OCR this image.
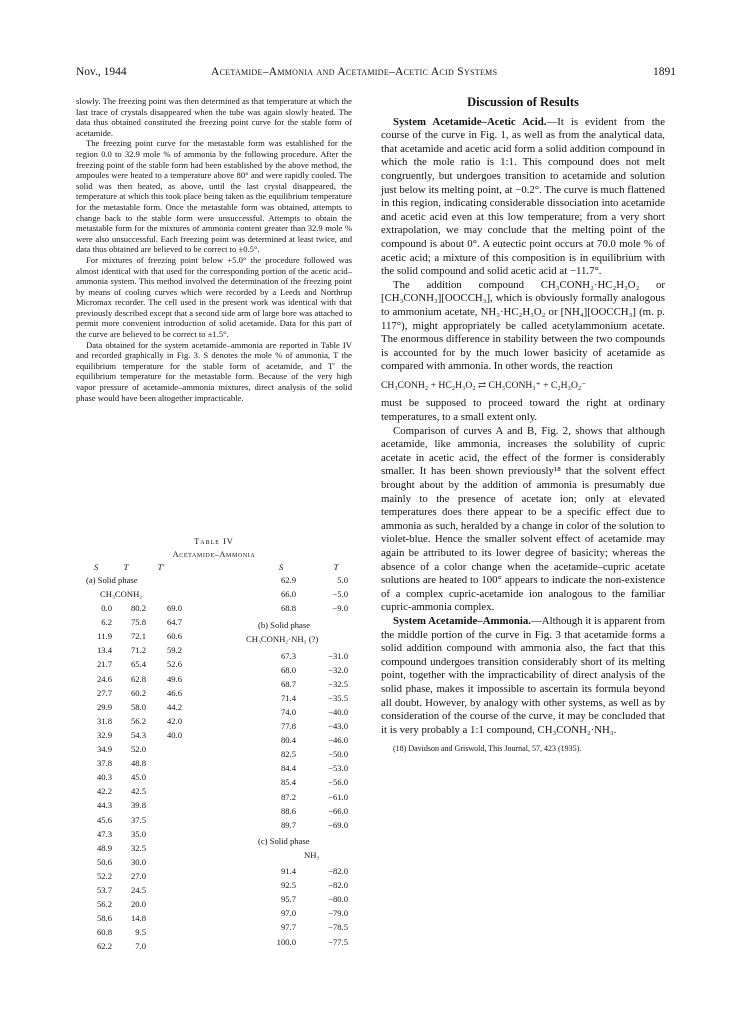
Nov., 1944	Acetamide–Ammonia and Acetamide–Acetic Acid Systems	1891

slowly. The freezing point was then determined as that temperature at which the last trace of crystals disappeared when the tube was again slowly heated. The data thus obtained constituted the freezing point curve for the stable form of acetamide.

The freezing point curve for the metastable form was established for the region 0.0 to 32.9 mole % of ammonia by the following procedure. After the freezing point of the stable form had been established by the above method, the ampoules were heated to a temperature above 80° and were rapidly cooled. The solid was then heated, as above, until the last crystal disappeared, the temperature at which this took place being taken as the equilibrium temperature for the metastable form. Once the metastable form was obtained, attempts to change back to the stable form were unsuccessful. Attempts to obtain the metastable form for the mixtures of ammonia content greater than 32.9 mole % were also unsuccessful. Each freezing point was determined at least twice, and data thus obtained are believed to be correct to ±0.5°.

For mixtures of freezing point below +5.0° the procedure followed was almost identical with that used for the corresponding portion of the acetic acid–ammonia system. This method involved the determination of the freezing point by means of cooling curves which were recorded by a Leeds and Northrup Micromax recorder. The cell used in the present work was identical with that previously described except that a second side arm of large bore was attached to permit more convenient introduction of solid acetamide. Data for this part of the curve are believed to be correct to ±1.5°.

Data obtained for the system acetamide–ammonia are reported in Table IV and recorded graphically in Fig. 3. S denotes the mole % of ammonia, T the equilibrium temperature for the stable form of acetamide, and T′ the equilibrium temperature for the metastable form. Because of the very high vapor pressure of acetamide–ammonia mixtures, direct analysis of the solid phase would have been altogether impracticable.

Table IV
Acetamide–Ammonia
S	T	T′	S	T
(a) Solid phase
CH₃CONH₂
0.0	80.2	69.0
6.2	75.8	64.7
11.9	72.1	60.6
13.4	71.2	59.2
21.7	65.4	52.6
24.6	62.8	49.6
27.7	60.2	46.6
29.9	58.0	44.2
31.8	56.2	42.0
32.9	54.3	40.0
34.9	52.0
37.8	48.8
40.3	45.0
42.2	42.5
44.3	39.8
45.6	37.5
47.3	35.0
48.9	32.5
50.6	30.0
52.2	27.0
53.7	24.5
56.2	20.0
58.6	14.8
60.8	9.5
62.2	7.0
62.9	5.0
66.0	−5.0
68.8	−9.0
(b) Solid phase
CH₃CONH₂·NH₃ (?)
67.3	−31.0
68.0	−32.0
68.7	−32.5
71.4	−35.5
74.0	−40.0
77.8	−43.0
80.4	−46.0
82.5	−50.0
84.4	−53.0
85.4	−56.0
87.2	−61.0
88.6	−66.0
89.7	−69.0
(c) Solid phase
NH₃
91.4	−82.0
92.5	−82.0
95.7	−80.0
97.0	−79.0
97.7	−78.5
100.0	−77.5
Discussion of Results

System Acetamide–Acetic Acid.—It is evident from the course of the curve in Fig. 1, as well as from the analytical data, that acetamide and acetic acid form a solid addition compound in which the mole ratio is 1:1. This compound does not melt congruently, but undergoes transition to acetamide and solution just below its melting point, at −0.2°. The curve is much flattened in this region, indicating considerable dissociation into acetamide and acetic acid even at this low temperature; from a very short extrapolation, we may conclude that the melting point of the compound is about 0°. A eutectic point occurs at 70.0 mole % of acetic acid; a mixture of this composition is in equilibrium with the solid compound and solid acetic acid at −11.7°.

The addition compound CH₃CONH₂·HC₂H₃O₂ or [CH₃CONH₃][OOCCH₃], which is obviously formally analogous to ammonium acetate, NH₃·HC₂H₃O₂ or [NH₄][OOCCH₃] (m. p. 117°), might appropriately be called acetylammonium acetate. The enormous difference in stability between the two compounds is accounted for by the much lower basicity of acetamide as compared with ammonia. In other words, the reaction

CH₃CONH₂ + HC₂H₃O₂ ⇄ CH₃CONH₃⁺ + C₂H₃O₂⁻

must be supposed to proceed toward the right at ordinary temperatures, to a small extent only.

Comparison of curves A and B, Fig. 2, shows that although acetamide, like ammonia, increases the solubility of cupric acetate in acetic acid, the effect of the former is considerably smaller. It has been shown previously¹⁸ that the solvent effect brought about by the addition of ammonia is presumably due mainly to the presence of acetate ion; only at elevated temperatures does there appear to be a specific effect due to ammonia as such, heralded by a change in color of the solution to violet-blue. Hence the smaller solvent effect of acetamide may again be attributed to its lower degree of basicity; whereas the absence of a color change when the acetamide–cupric acetate solutions are heated to 100° appears to indicate the non-existence of a complex cupric-acetamide ion analogous to the familiar cupric-ammonia complex.

System Acetamide–Ammonia.—Although it is apparent from the middle portion of the curve in Fig. 3 that acetamide forms a solid addition compound with ammonia also, the fact that this compound undergoes transition considerably short of its melting point, together with the impracticability of direct analysis of the solid phase, makes it impossible to ascertain its formula beyond all doubt. However, by analogy with other systems, as well as by consideration of the course of the curve, it may be concluded that it is very probably a 1:1 compound, CH₃CONH₂·NH₃.

(18) Davidson and Griswold, This Journal, 57, 423 (1935).
